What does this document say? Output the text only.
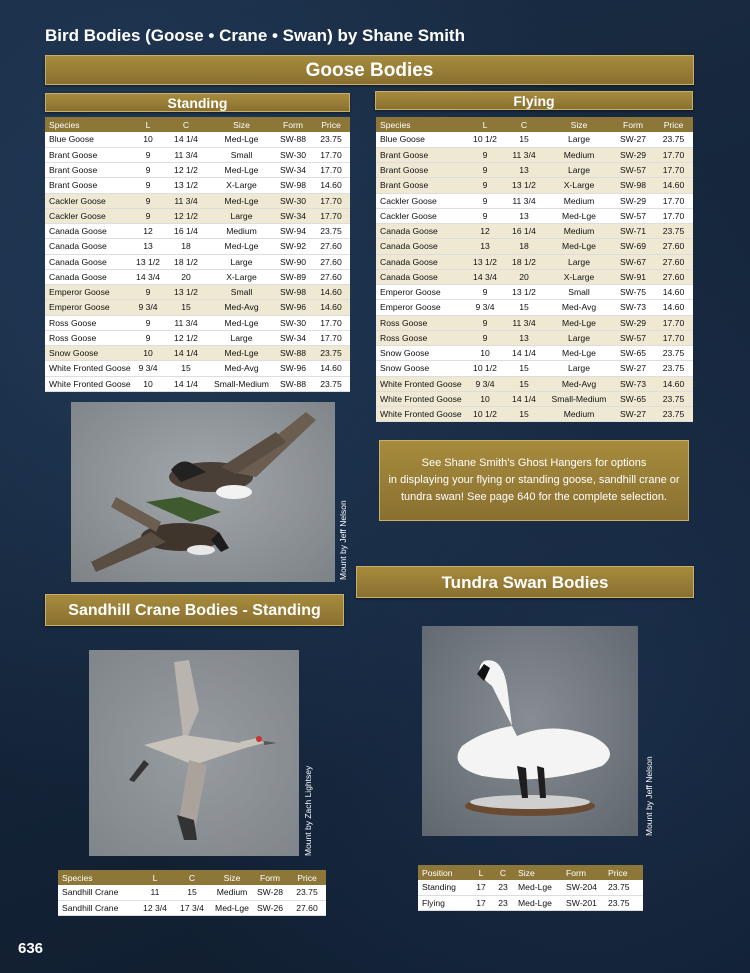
Bird Bodies (Goose • Crane • Swan) by Shane Smith
Goose Bodies
Standing	Flying
Species	L	C	Size	Form	Price
Blue Goose	10	14 1/4	Med-Lge	SW-88	23.75
Brant Goose	9	11 3/4	Small	SW-30	17.70
Brant Goose	9	12 1/2	Med-Lge	SW-34	17.70
Brant Goose	9	13 1/2	X-Large	SW-98	14.60
Cackler Goose	9	11 3/4	Med-Lge	SW-30	17.70
Cackler Goose	9	12 1/2	Large	SW-34	17.70
Canada Goose	12	16 1/4	Medium	SW-94	23.75
Canada Goose	13	18	Med-Lge	SW-92	27.60
Canada Goose	13 1/2	18 1/2	Large	SW-90	27.60
Canada Goose	14 3/4	20	X-Large	SW-89	27.60
Emperor Goose	9	13 1/2	Small	SW-98	14.60
Emperor Goose	9 3/4	15	Med-Avg	SW-96	14.60
Ross Goose	9	11 3/4	Med-Lge	SW-30	17.70
Ross Goose	9	12 1/2	Large	SW-34	17.70
Snow Goose	10	14 1/4	Med-Lge	SW-88	23.75
White Fronted Goose	9 3/4	15	Med-Avg	SW-96	14.60
White Fronted Goose	10	14 1/4	Small-Medium	SW-88	23.75
Species	L	C	Size	Form	Price
Blue Goose	10 1/2	15	Large	SW-27	23.75
Brant Goose	9	11 3/4	Medium	SW-29	17.70
Brant Goose	9	13	Large	SW-57	17.70
Brant Goose	9	13 1/2	X-Large	SW-98	14.60
Cackler Goose	9	11 3/4	Medium	SW-29	17.70
Cackler Goose	9	13	Med-Lge	SW-57	17.70
Canada Goose	12	16 1/4	Medium	SW-71	23.75
Canada Goose	13	18	Med-Lge	SW-69	27.60
Canada Goose	13 1/2	18 1/2	Large	SW-67	27.60
Canada Goose	14 3/4	20	X-Large	SW-91	27.60
Emperor Goose	9	13 1/2	Small	SW-75	14.60
Emperor Goose	9 3/4	15	Med-Avg	SW-73	14.60
Ross Goose	9	11 3/4	Med-Lge	SW-29	17.70
Ross Goose	9	13	Large	SW-57	17.70
Snow Goose	10	14 1/4	Med-Lge	SW-65	23.75
Snow Goose	10 1/2	15	Large	SW-27	23.75
White Fronted Goose	9 3/4	15	Med-Avg	SW-73	14.60
White Fronted Goose	10	14 1/4	Small-Medium	SW-65	23.75
White Fronted Goose	10 1/2	15	Medium	SW-27	23.75
Mount by Jeff Nelson
See Shane Smith's Ghost Hangers for options
in displaying your flying or standing goose, sandhill crane or
tundra swan! See page 640 for the complete selection.
Tundra Swan Bodies
Sandhill Crane Bodies - Standing
Mount by Zach Lightsey	Mount by Jeff Nelson
Species	L	C	Size	Form	Price
Sandhill Crane	11	15	Medium	SW-28	23.75
Sandhill Crane	12 3/4	17 3/4	Med-Lge	SW-26	27.60
Position	L	C	Size	Form	Price
Standing	17	23	Med-Lge	SW-204	23.75
Flying	17	23	Med-Lge	SW-201	23.75
636
